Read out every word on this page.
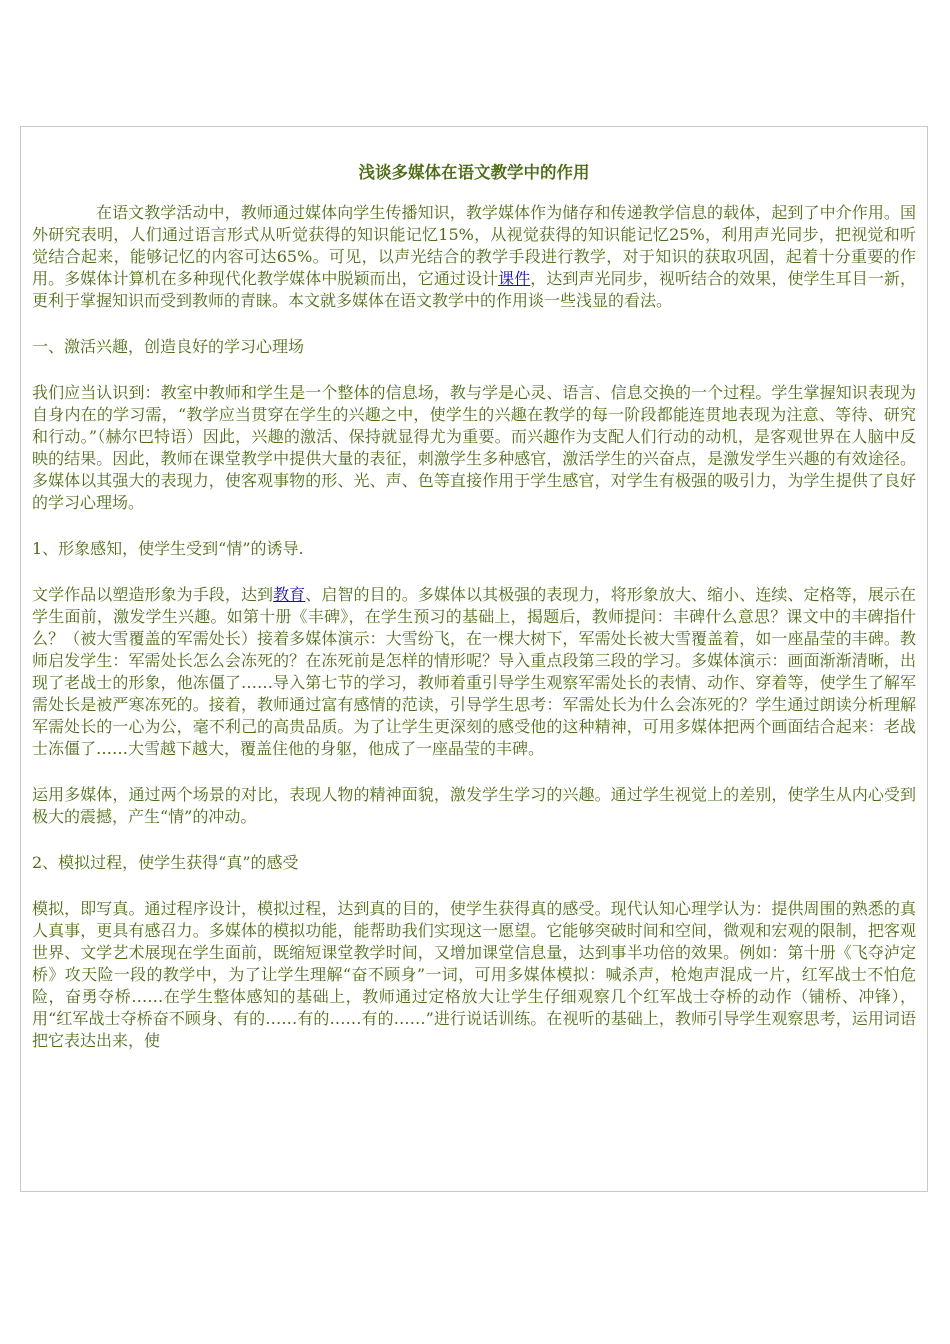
浅谈多媒体在语文教学中的作用

在语文教学活动中，教师通过媒体向学生传播知识，教学媒体作为储存和传递教学信息的载体，起到了中介作用。国外研究表明，人们通过语言形式从听觉获得的知识能记忆15%，从视觉获得的知识能记忆25%，利用声光同步，把视觉和听觉结合起来，能够记忆的内容可达65%。可见，以声光结合的教学手段进行教学，对于知识的获取巩固，起着十分重要的作用。多媒体计算机在多种现代化教学媒体中脱颖而出，它通过设计课件，达到声光同步，视听结合的效果，使学生耳目一新，更利于掌握知识而受到教师的青睐。本文就多媒体在语文教学中的作用谈一些浅显的看法。

一、激活兴趣，创造良好的学习心理场

我们应当认识到：教室中教师和学生是一个整体的信息场，教与学是心灵、语言、信息交换的一个过程。学生掌握知识表现为自身内在的学习需，“教学应当贯穿在学生的兴趣之中，使学生的兴趣在教学的每一阶段都能连贯地表现为注意、等待、研究和行动。”（赫尔巴特语）因此，兴趣的激活、保持就显得尤为重要。而兴趣作为支配人们行动的动机，是客观世界在人脑中反映的结果。因此，教师在课堂教学中提供大量的表征，刺激学生多种感官，激活学生的兴奋点，是激发学生兴趣的有效途径。多媒体以其强大的表现力，使客观事物的形、光、声、色等直接作用于学生感官，对学生有极强的吸引力，为学生提供了良好的学习心理场。

1、形象感知，使学生受到“情”的诱导.

文学作品以塑造形象为手段，达到教育、启智的目的。多媒体以其极强的表现力，将形象放大、缩小、连续、定格等，展示在学生面前，激发学生兴趣。如第十册《丰碑》，在学生预习的基础上，揭题后，教师提问：丰碑什么意思？课文中的丰碑指什么？（被大雪覆盖的军需处长）接着多媒体演示：大雪纷飞，在一棵大树下，军需处长被大雪覆盖着，如一座晶莹的丰碑。教师启发学生：军需处长怎么会冻死的？在冻死前是怎样的情形呢？导入重点段第三段的学习。多媒体演示：画面渐渐清晰，出现了老战士的形象，他冻僵了……导入第七节的学习，教师着重引导学生观察军需处长的表情、动作、穿着等，使学生了解军需处长是被严寒冻死的。接着，教师通过富有感情的范读，引导学生思考：军需处长为什么会冻死的？学生通过朗读分析理解军需处长的一心为公，毫不利己的高贵品质。为了让学生更深刻的感受他的这种精神，可用多媒体把两个画面结合起来：老战士冻僵了……大雪越下越大，覆盖住他的身躯，他成了一座晶莹的丰碑。

运用多媒体，通过两个场景的对比，表现人物的精神面貌，激发学生学习的兴趣。通过学生视觉上的差别，使学生从内心受到极大的震撼，产生“情”的冲动。

2、模拟过程，使学生获得“真”的感受

模拟，即写真。通过程序设计，模拟过程，达到真的目的，使学生获得真的感受。现代认知心理学认为：提供周围的熟悉的真人真事，更具有感召力。多媒体的模拟功能，能帮助我们实现这一愿望。它能够突破时间和空间，微观和宏观的限制，把客观世界、文学艺术展现在学生面前，既缩短课堂教学时间，又增加课堂信息量，达到事半功倍的效果。例如：第十册《飞夺泸定桥》攻天险一段的教学中，为了让学生理解“奋不顾身”一词，可用多媒体模拟：喊杀声，枪炮声混成一片，红军战士不怕危险，奋勇夺桥……在学生整体感知的基础上，教师通过定格放大让学生仔细观察几个红军战士夺桥的动作（铺桥、冲锋），用“红军战士夺桥奋不顾身、有的……有的……有的……”进行说话训练。在视听的基础上，教师引导学生观察思考，运用词语把它表达出来，使
